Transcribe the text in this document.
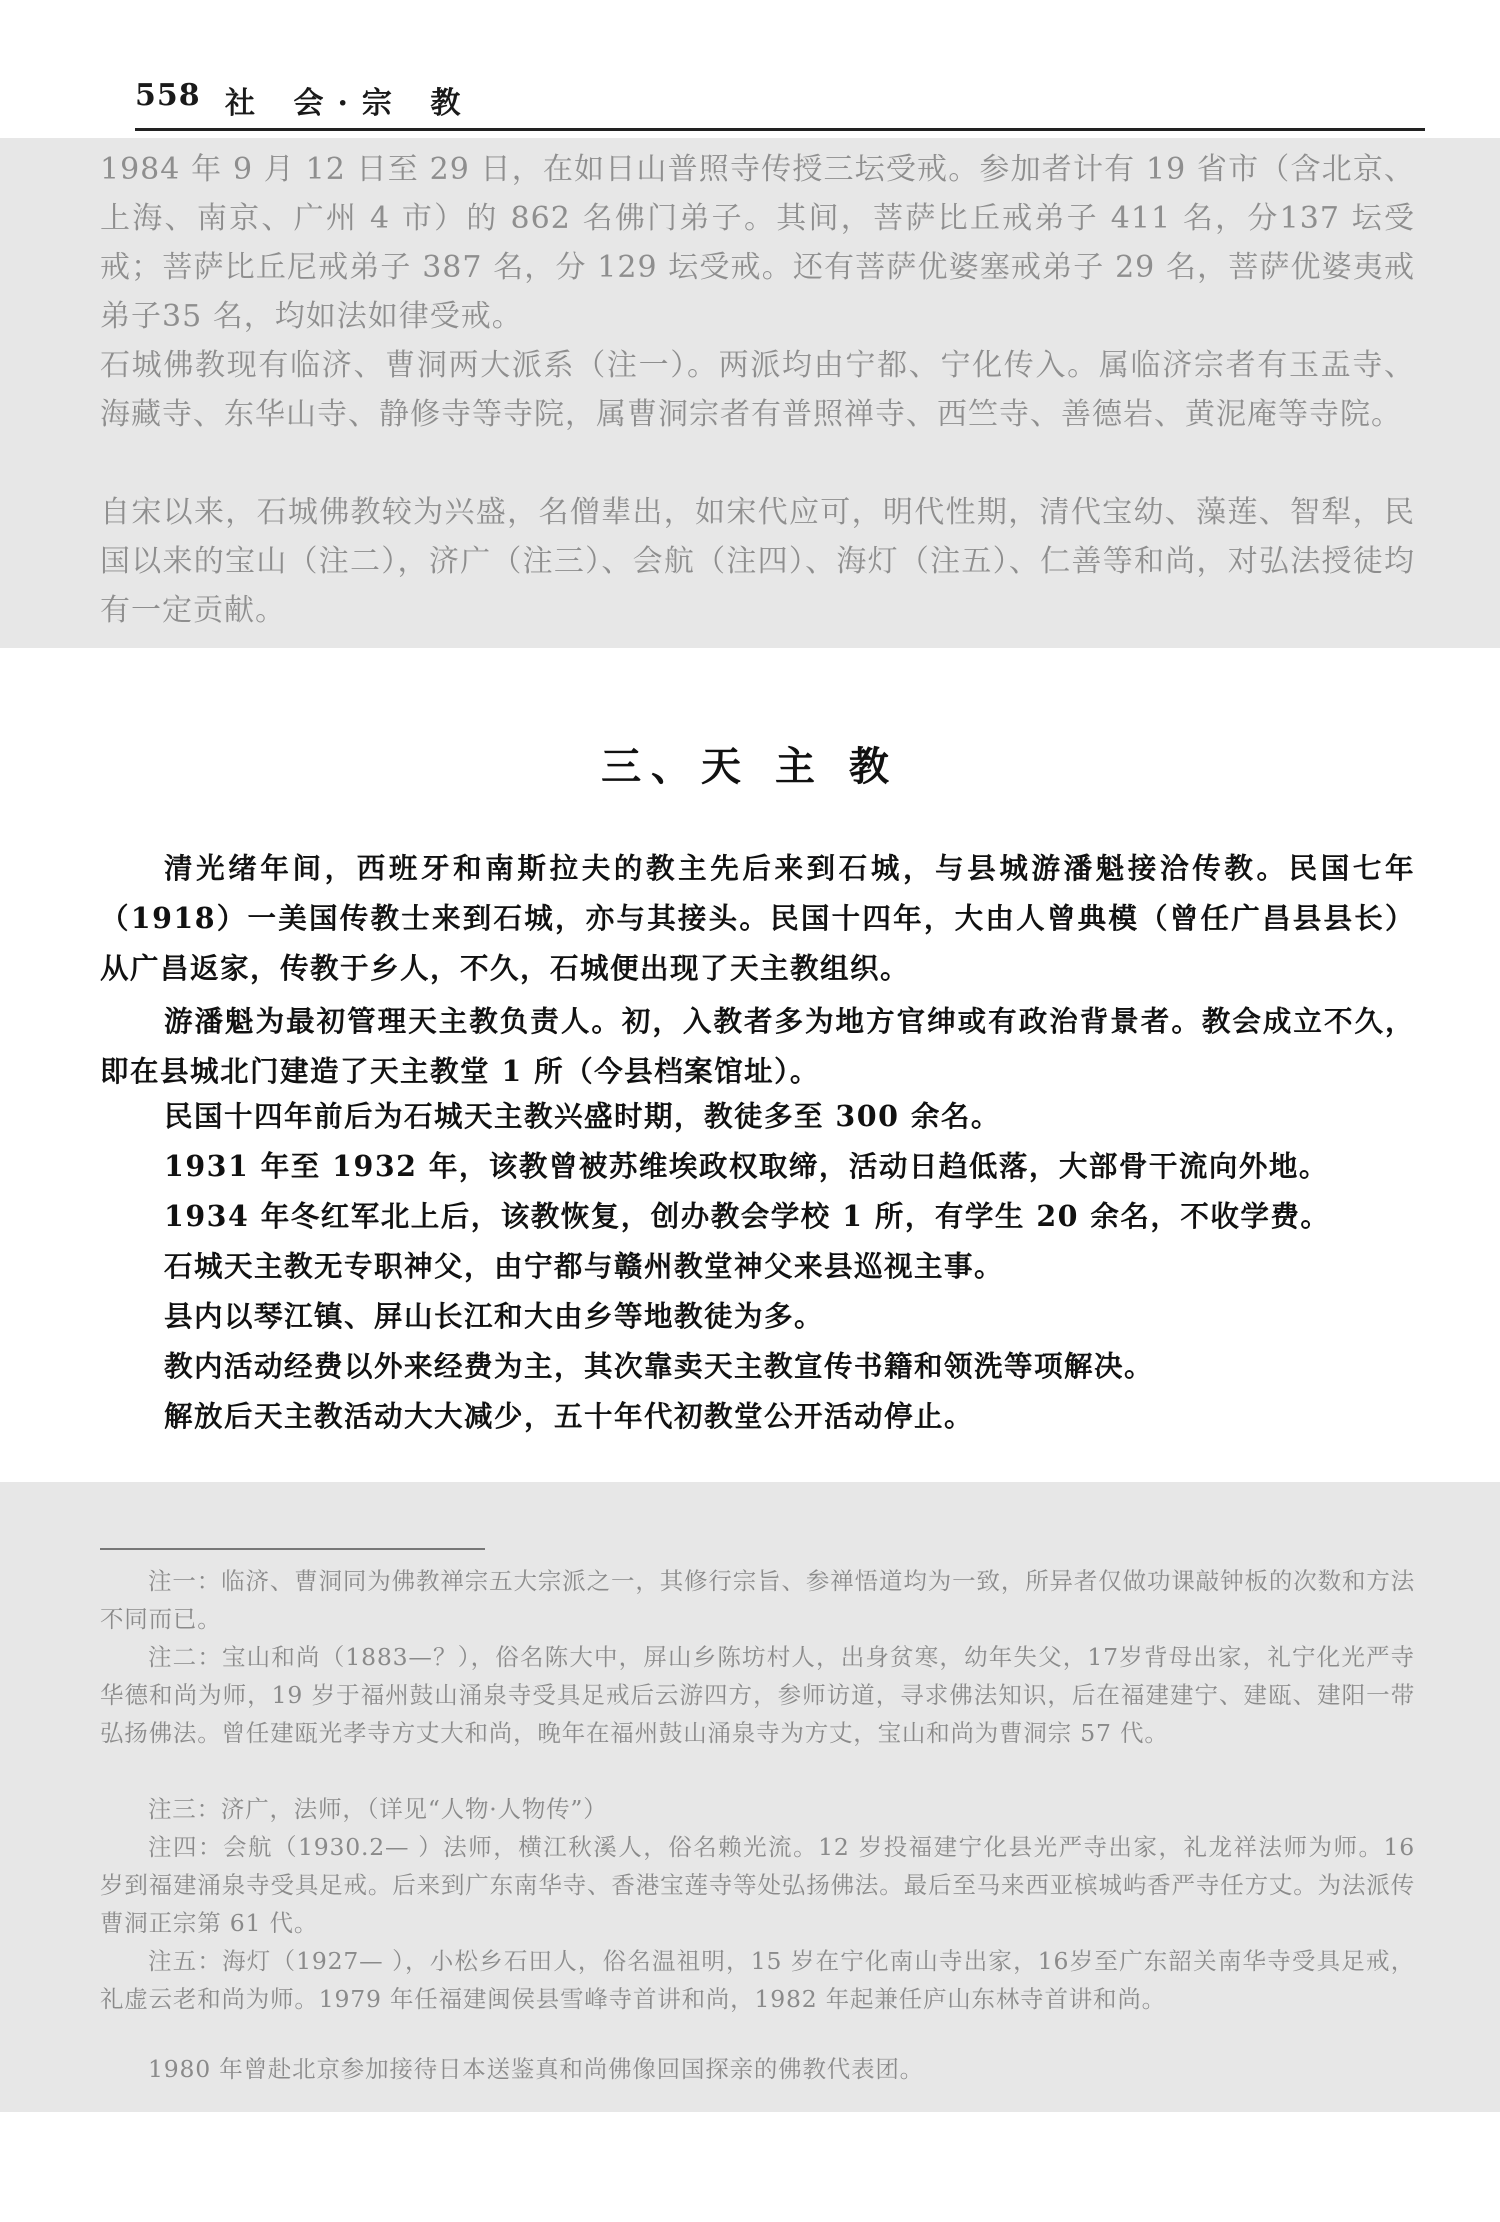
558 社 会·宗 教

1984 年 9 月 12 日至 29 日，在如日山普照寺传授三坛受戒。参加者计有 19 省市（含北京、上海、南京、广州 4 市）的 862 名佛门弟子。其间，菩萨比丘戒弟子 411 名，分137 坛受戒；菩萨比丘尼戒弟子 387 名，分 129 坛受戒。还有菩萨优婆塞戒弟子 29 名，菩萨优婆夷戒弟子35 名，均如法如律受戒。

石城佛教现有临济、曹洞两大派系（注一）。两派均由宁都、宁化传入。属临济宗者有玉盂寺、海藏寺、东华山寺、静修寺等寺院，属曹洞宗者有普照禅寺、西竺寺、善德岩、黄泥庵等寺院。

自宋以来，石城佛教较为兴盛，名僧辈出，如宋代应可，明代性期，清代宝幼、藻莲、智犁，民国以来的宝山（注二），济广（注三）、会航（注四）、海灯（注五）、仁善等和尚，对弘法授徒均有一定贡献。

三、天 主 教

清光绪年间，西班牙和南斯拉夫的教主先后来到石城，与县城游潘魁接洽传教。民国七年（1918）一美国传教士来到石城，亦与其接头。民国十四年，大由人曾典模（曾任广昌县县长）从广昌返家，传教于乡人，不久，石城便出现了天主教组织。

游潘魁为最初管理天主教负责人。初，入教者多为地方官绅或有政治背景者。教会成立不久，即在县城北门建造了天主教堂 1 所（今县档案馆址）。

民国十四年前后为石城天主教兴盛时期，教徒多至 300 余名。

1931 年至 1932 年，该教曾被苏维埃政权取缔，活动日趋低落，大部骨干流向外地。

1934 年冬红军北上后，该教恢复，创办教会学校 1 所，有学生 20 余名，不收学费。

石城天主教无专职神父，由宁都与赣州教堂神父来县巡视主事。

县内以琴江镇、屏山长江和大由乡等地教徒为多。

教内活动经费以外来经费为主，其次靠卖天主教宣传书籍和领洗等项解决。

解放后天主教活动大大减少，五十年代初教堂公开活动停止。

注一：临济、曹洞同为佛教禅宗五大宗派之一，其修行宗旨、参禅悟道均为一致，所异者仅做功课敲钟板的次数和方法不同而已。

注二：宝山和尚（1883—？），俗名陈大中，屏山乡陈坊村人，出身贫寒，幼年失父，17岁背母出家，礼宁化光严寺华德和尚为师，19 岁于福州鼓山涌泉寺受具足戒后云游四方，参师访道，寻求佛法知识，后在福建建宁、建瓯、建阳一带弘扬佛法。曾任建瓯光孝寺方丈大和尚，晚年在福州鼓山涌泉寺为方丈，宝山和尚为曹洞宗 57 代。

注三：济广，法师，（详见“人物·人物传”）

注四：会航（1930.2— ）法师，横江秋溪人，俗名赖光流。12 岁投福建宁化县光严寺出家，礼龙祥法师为师。16 岁到福建涌泉寺受具足戒。后来到广东南华寺、香港宝莲寺等处弘扬佛法。最后至马来西亚槟城屿香严寺任方丈。为法派传曹洞正宗第 61 代。

注五：海灯（1927— ），小松乡石田人，俗名温祖明，15 岁在宁化南山寺出家，16岁至广东韶关南华寺受具足戒，礼虚云老和尚为师。1979 年任福建闽侯县雪峰寺首讲和尚，1982 年起兼任庐山东林寺首讲和尚。

1980 年曾赴北京参加接待日本送鉴真和尚佛像回国探亲的佛教代表团。
